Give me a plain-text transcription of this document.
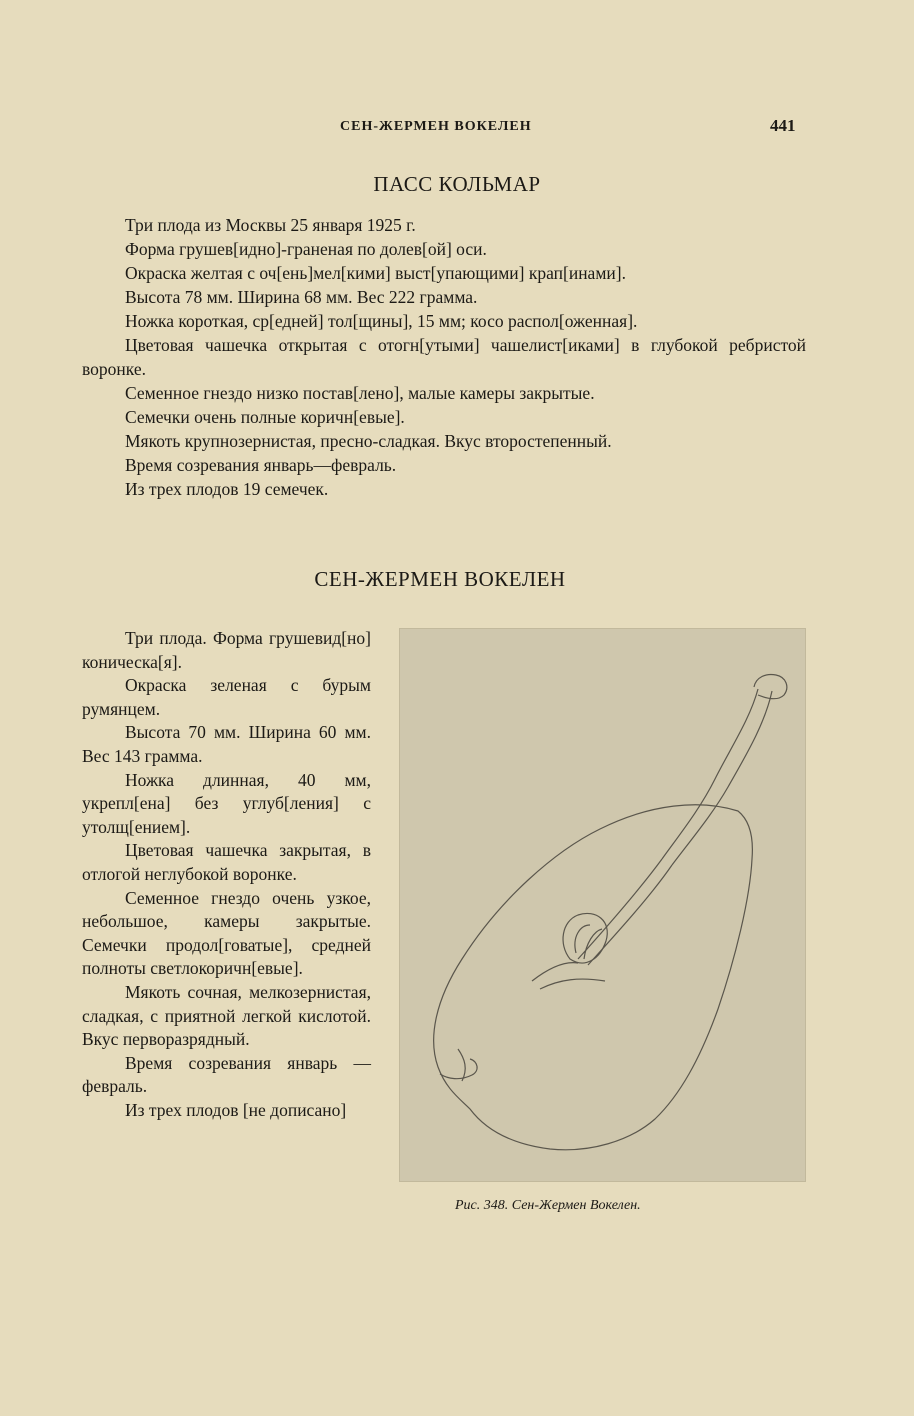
СЕН-ЖЕРМЕН ВОКЕЛЕН	441
ПАСС КОЛЬМАР

Три плода из Москвы 25 января 1925 г.

Форма грушев[идно]-граненая по долев[ой] оси.

Окраска желтая с оч[ень]мел[кими] выст[упающими] крап[инами].

Высота 78 мм. Ширина 68 мм. Вес 222 грамма.

Ножка короткая, ср[едней] тол[щины], 15 мм; косо распол[оженная].

Цветовая чашечка открытая с отогн[утыми] чашелист[иками] в глубокой ребристой воронке.

Семенное гнездо низко постав[лено], малые камеры закрытые.

Семечки очень полные коричн[евые].

Мякоть крупнозернистая, пресно-сладкая. Вкус второстепенный.

Время созревания январь—февраль.

Из трех плодов 19 семечек.

СЕН-ЖЕРМЕН ВОКЕЛЕН

Три плода. Форма грушевид[но] коническа[я].

Окраска зеленая с бурым румянцем.

Высота 70 мм. Ширина 60 мм. Вес 143 грамма.

Ножка длинная, 40 мм, укрепл[ена] без углуб[ления] с утолщ[ением].

Цветовая чашечка закрытая, в отлогой неглубокой воронке.

Семенное гнездо очень узкое, небольшое, камеры закрытые. Семечки продол[говатые], средней полноты светлокоричн[евые].

Мякоть сочная, мелкозернистая, сладкая, с приятной легкой кислотой. Вкус перворазрядный.

Время созревания январь — февраль.

Из трех плодов [не дописано]

Рис. 348. Сен-Жермен Вокелен.
